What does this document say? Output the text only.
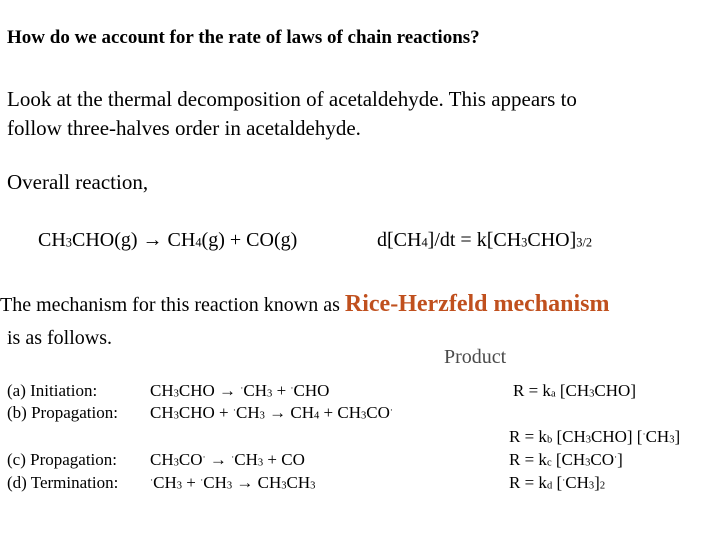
How do we account for the rate of laws of chain reactions?
Look at the thermal decomposition of acetaldehyde. This appears to
follow three-halves order in acetaldehyde.
Overall reaction,
$CH_3CHO(g) \to CH_4(g) + CO(g)$	$d[CH_4]/dt = k[CH_3CHO]_{3/2}$
The mechanism for this reaction known as Rice-Herzfeld mechanism
is as follows.
Product
(a) Initiation:	$CH_3CHO \to ^\cdot CH_3 + ^\cdot CHO$	$R = k_a$ $[CH_3CHO]$
(b) Propagation: $CH_3CHO + ^\cdot CH_3 \to CH_4 + CH_3CO^\cdot$
$R = k_b$ $[CH_3CHO]$ $[^\cdot CH_3]$
(c) Propagation: $CH_3CO^\cdot \to ^\cdot CH_3$ + CO	$R = k_c$ $[CH_3CO^\cdot]$
(d) Termination:	$^\cdot CH_3 + ^\cdot CH_3 \to CH_3CH_3$	$R = k_d$ $[^\cdot CH_3]_2$
